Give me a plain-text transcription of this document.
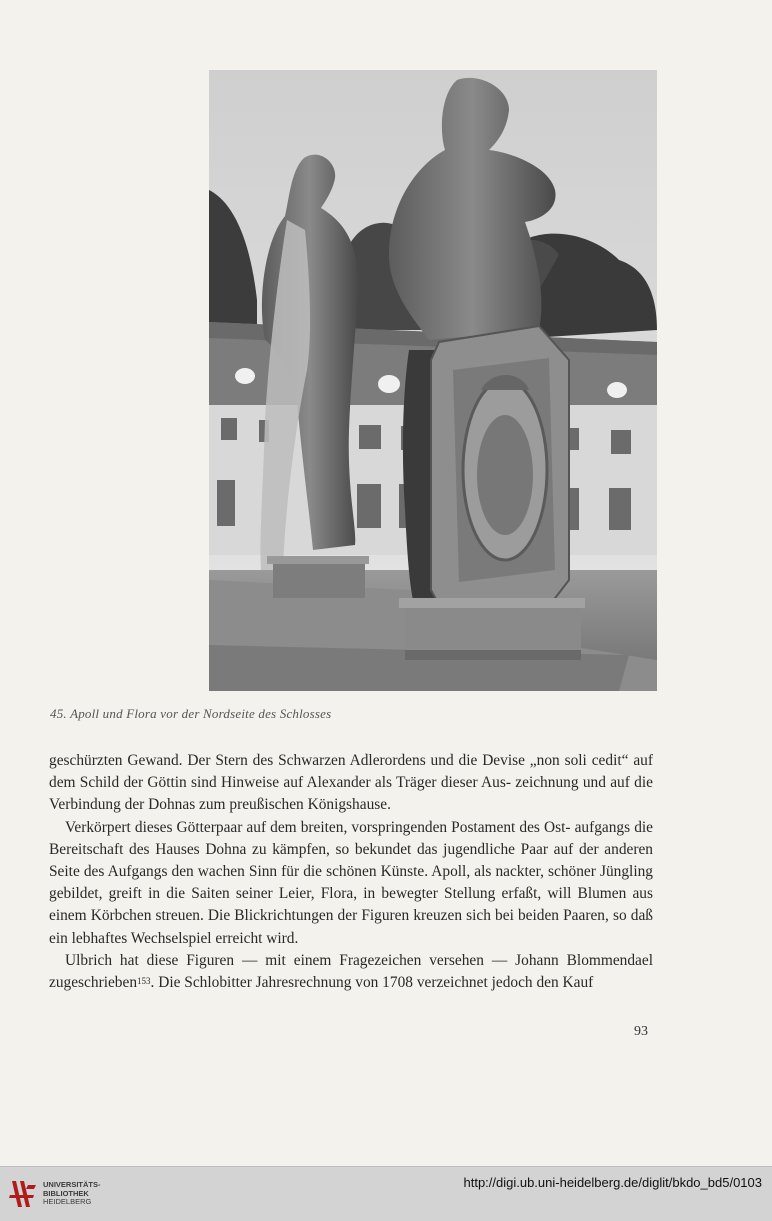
45. Apoll und Flora vor der Nordseite des Schlosses

geschürzten Gewand. Der Stern des Schwarzen Adlerordens und die Devise „non soli cedit“ auf dem Schild der Göttin sind Hinweise auf Alexander als Träger dieser Aus- zeichnung und auf die Verbindung der Dohnas zum preußischen Königshause.

Verkörpert dieses Götterpaar auf dem breiten, vorspringenden Postament des Ost- aufgangs die Bereitschaft des Hauses Dohna zu kämpfen, so bekundet das jugendliche Paar auf der anderen Seite des Aufgangs den wachen Sinn für die schönen Künste. Apoll, als nackter, schöner Jüngling gebildet, greift in die Saiten seiner Leier, Flora, in bewegter Stellung erfaßt, will Blumen aus einem Körbchen streuen. Die Blickrichtungen der Figuren kreuzen sich bei beiden Paaren, so daß ein lebhaftes Wechselspiel erreicht wird.

Ulbrich hat diese Figuren — mit einem Fragezeichen versehen — Johann Blommendael zugeschrieben$^{153}$. Die Schlobitter Jahresrechnung von 1708 verzeichnet jedoch den Kauf

93
UNIVERSITÄTS-
BIBLIOTHEK
HEIDELBERG
http://digi.ub.uni-heidelberg.de/diglit/bkdo_bd5/0103
